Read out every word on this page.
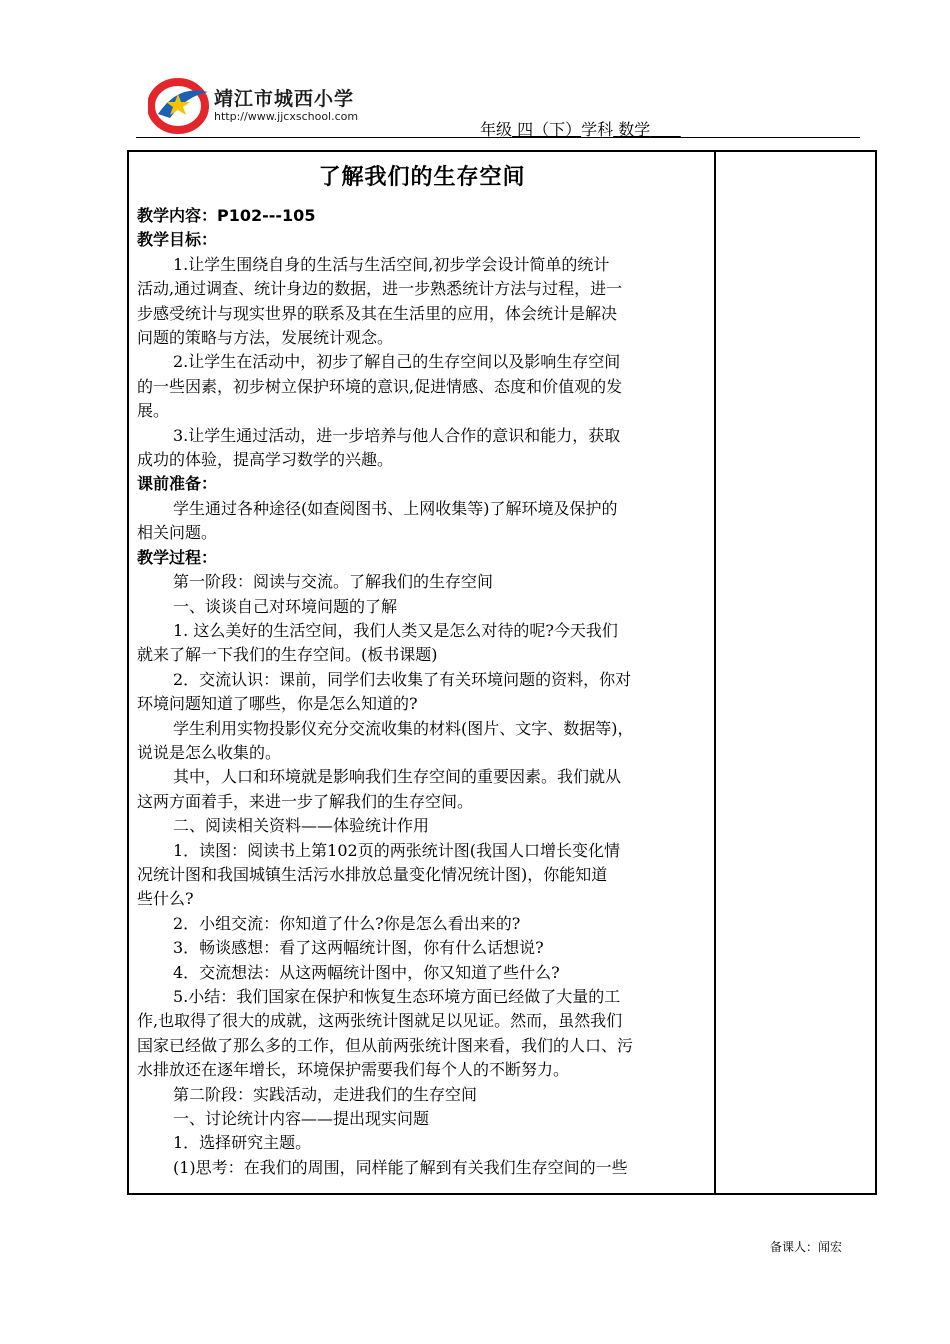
靖江市城西小学
http://www.jjcxschool.com
年级 四（下）学科 数学
了解我们的生存空间

教学内容：P102---105

教学目标：

1.让学生围绕自身的生活与生活空间,初步学会设计简单的统计

活动,通过调查、统计身边的数据，进一步熟悉统计方法与过程，进一

步感受统计与现实世界的联系及其在生活里的应用，体会统计是解决

问题的策略与方法，发展统计观念。

2.让学生在活动中，初步了解自己的生存空间以及影响生存空间

的一些因素，初步树立保护环境的意识,促进情感、态度和价值观的发

展。

3.让学生通过活动，进一步培养与他人合作的意识和能力，获取

成功的体验，提高学习数学的兴趣。

课前准备：

学生通过各种途径(如查阅图书、上网收集等)了解环境及保护的

相关问题。

教学过程：

第一阶段：阅读与交流。了解我们的生存空间

一、谈谈自己对环境问题的了解

1. 这么美好的生活空间，我们人类又是怎么对待的呢?今天我们

就来了解一下我们的生存空间。(板书课题)

2．交流认识：课前，同学们去收集了有关环境问题的资料，你对

环境问题知道了哪些，你是怎么知道的?

学生利用实物投影仪充分交流收集的材料(图片、文字、数据等)，

说说是怎么收集的。

其中，人口和环境就是影响我们生存空间的重要因素。我们就从

这两方面着手，来进一步了解我们的生存空间。

二、阅读相关资料——体验统计作用

1．读图：阅读书上第102页的两张统计图(我国人口增长变化情

况统计图和我国城镇生活污水排放总量变化情况统计图)，你能知道

些什么?

2．小组交流：你知道了什么?你是怎么看出来的?

3．畅谈感想：看了这两幅统计图，你有什么话想说?

4．交流想法：从这两幅统计图中，你又知道了些什么?

5.小结：我们国家在保护和恢复生态环境方面已经做了大量的工

作,也取得了很大的成就，这两张统计图就足以见证。然而，虽然我们

国家已经做了那么多的工作，但从前两张统计图来看，我们的人口、污

水排放还在逐年增长，环境保护需要我们每个人的不断努力。

第二阶段：实践活动，走进我们的生存空间

一、讨论统计内容——提出现实问题

1．选择研究主题。

(1)思考：在我们的周围，同样能了解到有关我们生存空间的一些

备课人：闻宏
